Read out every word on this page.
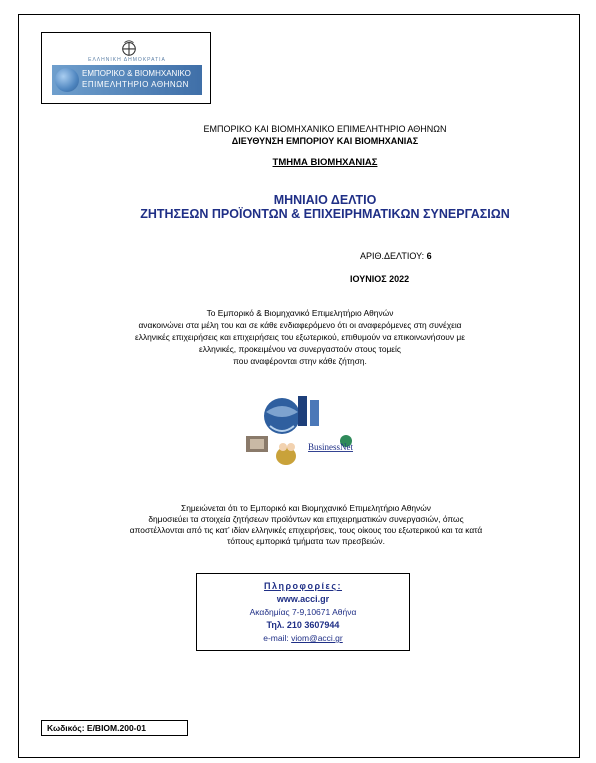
ΕΛΛΗΝΙΚΗ ΔΗΜΟΚΡΑΤΙΑ
ΕΜΠΟΡΙΚΟ & ΒΙΟΜΗΧΑΝΙΚΟ
ΕΠΙΜΕΛΗΤΗΡΙΟ ΑΘΗΝΩΝ
ΕΜΠΟΡΙΚΟ ΚΑΙ ΒΙΟΜΗΧΑΝΙΚΟ ΕΠΙΜΕΛΗΤΗΡΙΟ ΑΘΗΝΩΝ
ΔΙΕΥΘΥΝΣΗ ΕΜΠΟΡΙΟΥ ΚΑΙ ΒΙΟΜΗΧΑΝΙΑΣ
ΤΜΗΜΑ ΒΙΟΜΗΧΑΝΙΑΣ
ΜΗΝΙΑΙΟ ΔΕΛΤΙΟ
ΖΗΤΗΣΕΩΝ ΠΡΟΪΟΝΤΩΝ & ΕΠΙΧΕΙΡΗΜΑΤΙΚΩΝ ΣΥΝΕΡΓΑΣΙΩΝ
ΑΡΙΘ.ΔΕΛΤΙΟΥ: 6
ΙΟΥΝΙΟΣ 2022
Το Εμπορικό & Βιομηχανικό Επιμελητήριο Αθηνών
ανακοινώνει στα μέλη του και σε κάθε ενδιαφερόμενο ότι οι αναφερόμενες στη συνέχεια
ελληνικές επιχειρήσεις και επιχειρήσεις του εξωτερικού, επιθυμούν να επικοινωνήσουν με
ελληνικές, προκειμένου να συνεργαστούν στους τομείς
που αναφέρονται στην κάθε ζήτηση.
BusinessNet
Σημειώνεται ότι το Εμπορικό και Βιομηχανικό Επιμελητήριο Αθηνών
δημοσιεύει τα στοιχεία ζητήσεων προϊόντων και επιχειρηματικών συνεργασιών, όπως
αποστέλλονται από τις κατ’ ιδίαν ελληνικές επιχειρήσεις, τους οίκους του εξωτερικού και τα κατά
τόπους εμπορικά τμήματα των πρεσβειών.
Πληροφορίες:
www.acci.gr
Ακαδημίας 7-9,10671 Αθήνα
Τηλ. 210 3607944
e-mail: viom@acci.gr
Κωδικός: Ε/ΒΙΟΜ.200-01
